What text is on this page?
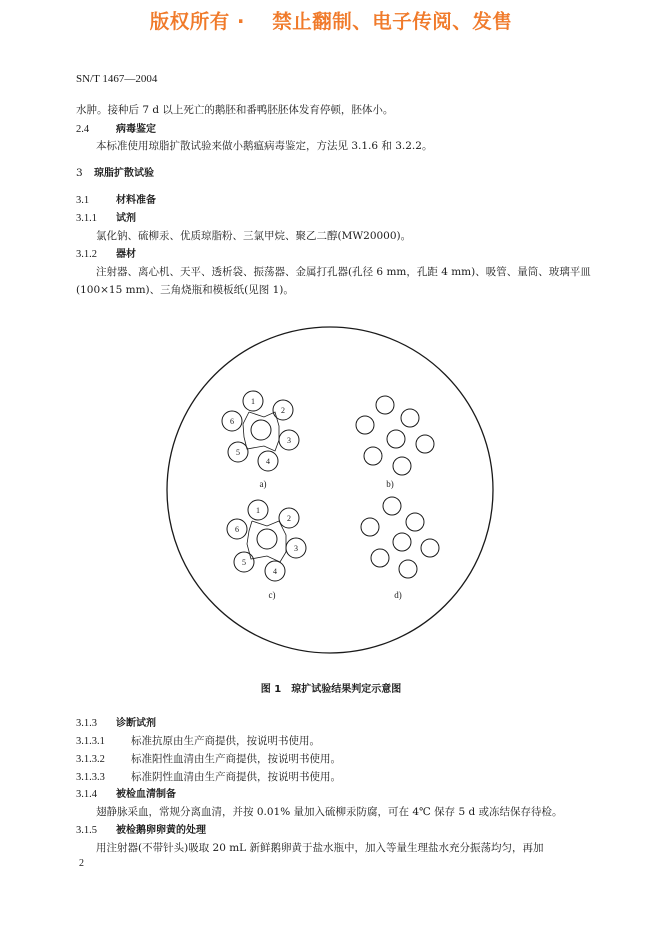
版权所有 ·　 禁止翻制、电子传阅、发售
SN/T 1467—2004
水肿。接种后 7 d 以上死亡的鹅胚和番鸭胚胚体发育停顿，胚体小。
2.4	病毒鉴定
本标准使用琼脂扩散试验来做小鹅瘟病毒鉴定，方法见 3.1.6 和 3.2.2。
3 琼脂扩散试验
3.1	材料准备
3.1.1 试剂
氯化钠、硫柳汞、优质琼脂粉、三氯甲烷、聚乙二醇(MW20000)。
3.1.2 器材
注射器、离心机、天平、透析袋、振荡器、金属打孔器(孔径 6 mm，孔距 4 mm)、吸管、量筒、玻璃平皿
(100×15 mm)、三角烧瓶和模板纸(见图 1)。
1
2
3
4
5
6
1
2
3
4
5
6
a)	b)
c)	d)
图 1　琼扩试验结果判定示意图
3.1.3 诊断试剂
3.1.3.1 标准抗原由生产商提供，按说明书使用。
3.1.3.2 标准阳性血清由生产商提供，按说明书使用。
3.1.3.3 标准阴性血清由生产商提供，按说明书使用。
3.1.4 被检血清制备
翅静脉采血，常规分离血清，并按 0.01% 量加入硫柳汞防腐，可在 4℃ 保存 5 d 或冻结保存待检。
3.1.5 被检鹅卵卵黄的处理
用注射器(不带针头)吸取 20 mL 新鲜鹅卵黄于盐水瓶中，加入等量生理盐水充分振荡均匀，再加
2
